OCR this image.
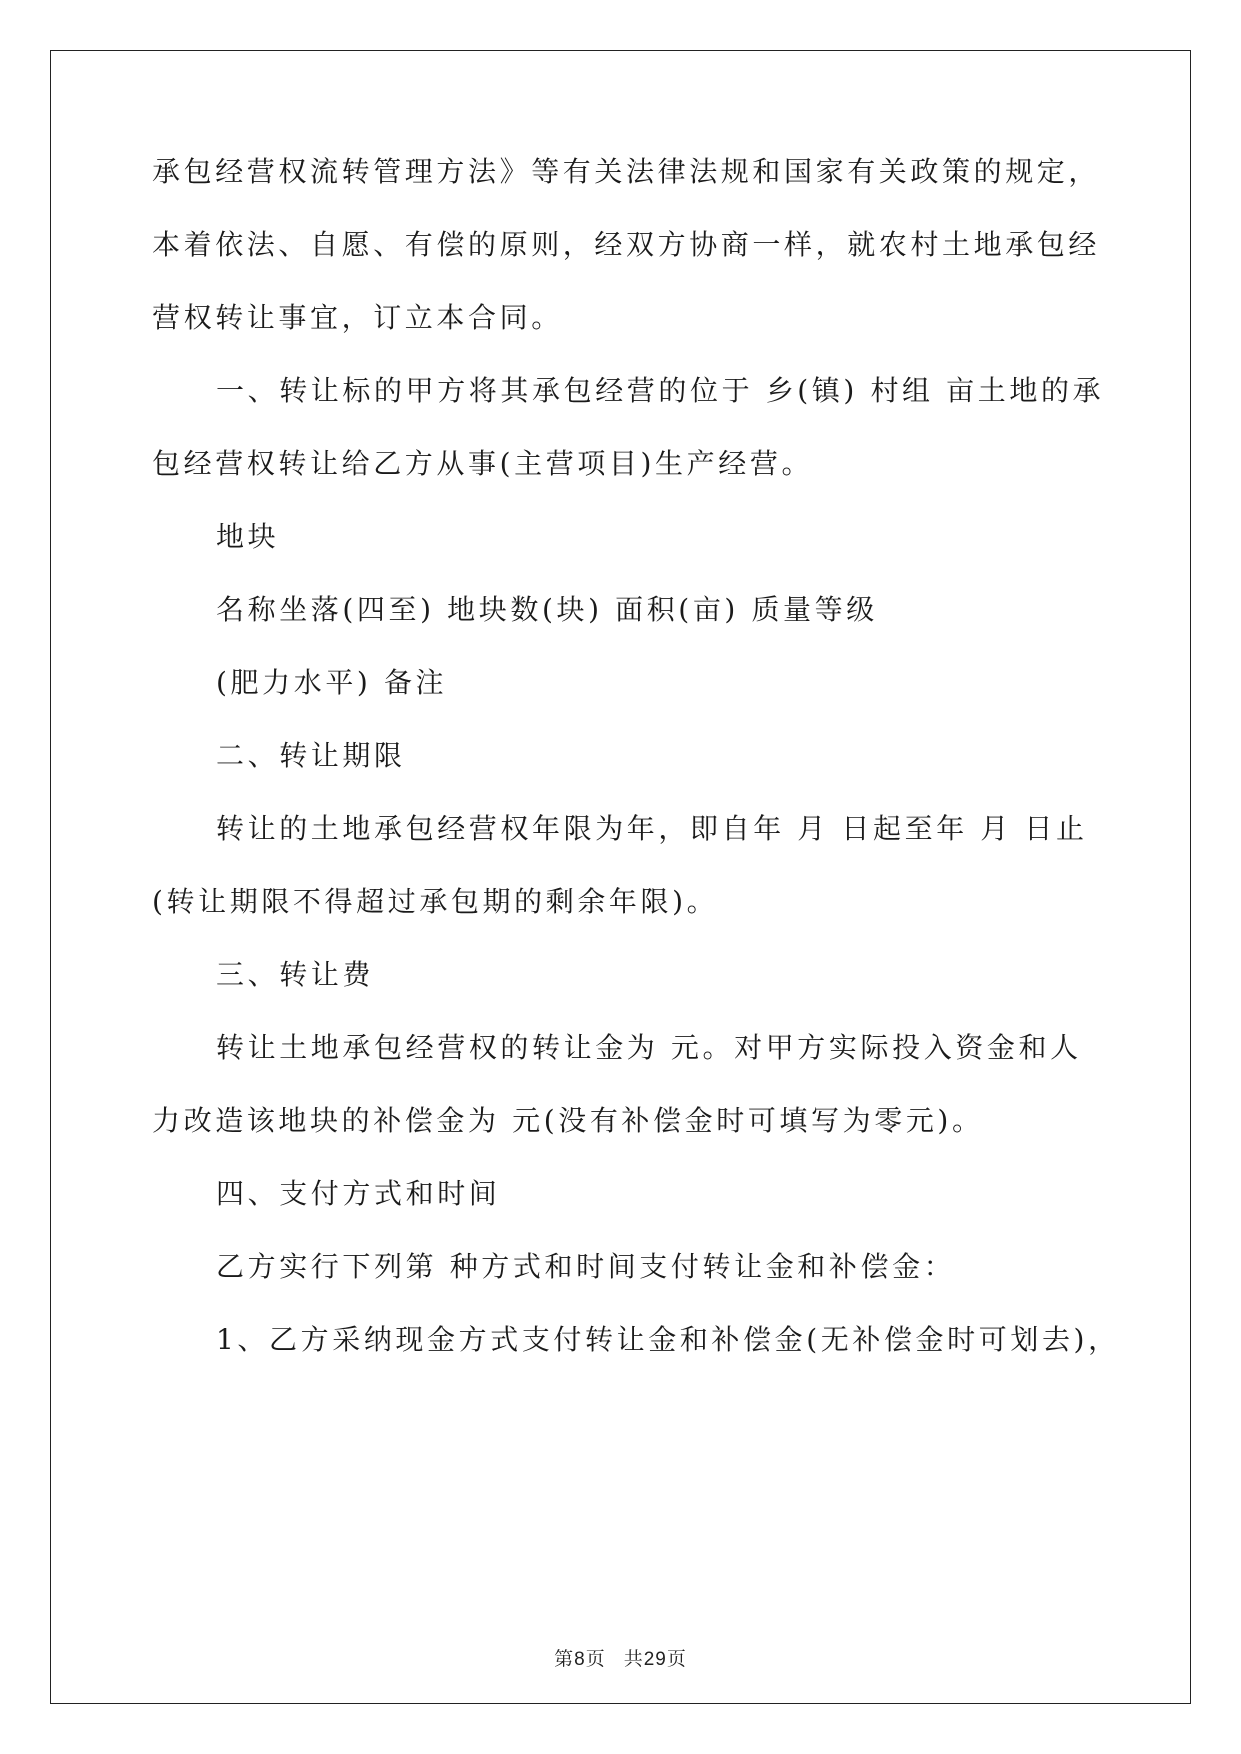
承包经营权流转管理方法》等有关法律法规和国家有关政策的规定，
本着依法、自愿、有偿的原则，经双方协商一样，就农村土地承包经
营权转让事宜，订立本合同。
一、转让标的甲方将其承包经营的位于 乡(镇) 村组 亩土地的承
包经营权转让给乙方从事(主营项目)生产经营。
地块
名称坐落(四至) 地块数(块) 面积(亩) 质量等级
(肥力水平) 备注
二、转让期限
转让的土地承包经营权年限为年，即自年 月 日起至年 月 日止
(转让期限不得超过承包期的剩余年限)。
三、转让费
转让土地承包经营权的转让金为 元。对甲方实际投入资金和人
力改造该地块的补偿金为 元(没有补偿金时可填写为零元)。
四、支付方式和时间
乙方实行下列第 种方式和时间支付转让金和补偿金：
1、乙方采纳现金方式支付转让金和补偿金(无补偿金时可划去)，
第8页 共29页
